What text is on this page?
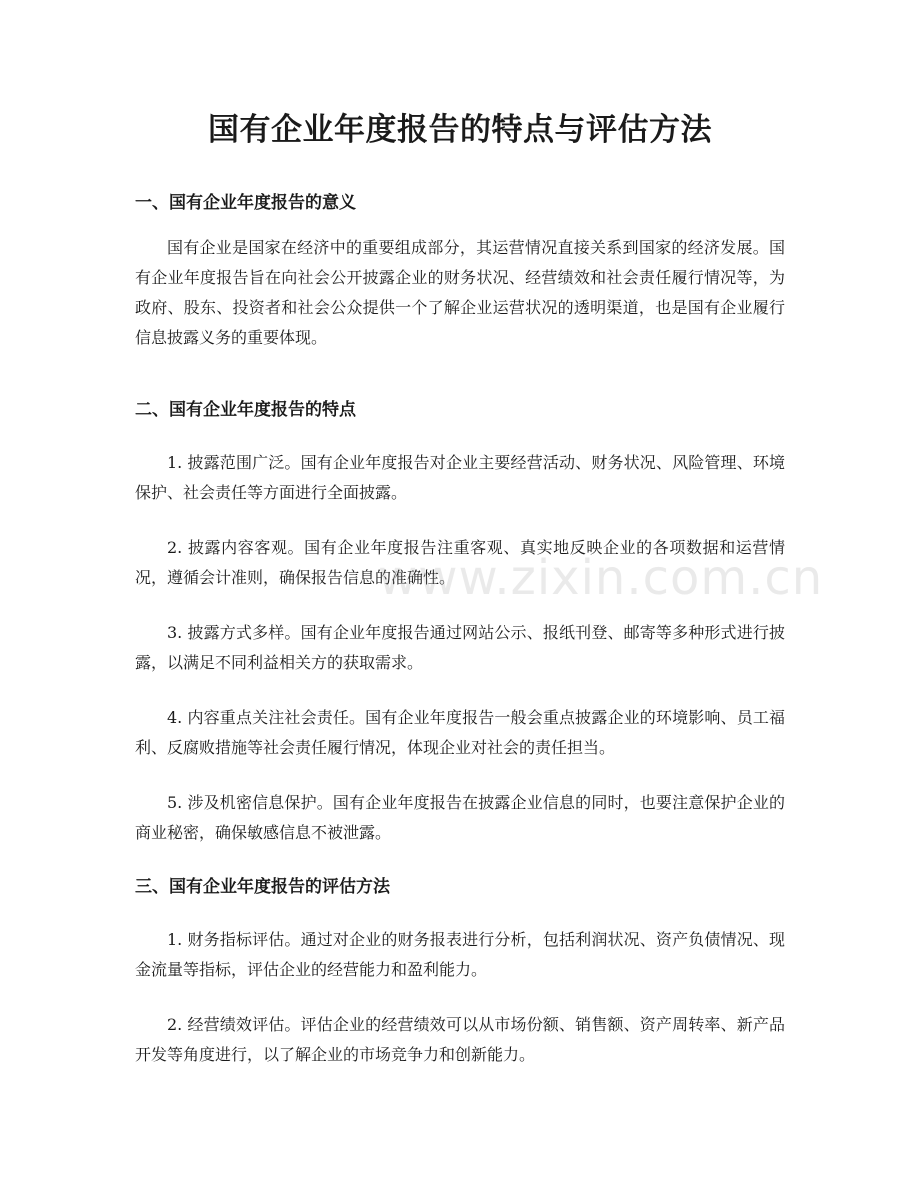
国有企业年度报告的特点与评估方法
一、国有企业年度报告的意义

国有企业是国家在经济中的重要组成部分，其运营情况直接关系到国家的经济发展。国有企业年度报告旨在向社会公开披露企业的财务状况、经营绩效和社会责任履行情况等，为政府、股东、投资者和社会公众提供一个了解企业运营状况的透明渠道，也是国有企业履行信息披露义务的重要体现。

二、国有企业年度报告的特点

1. 披露范围广泛。国有企业年度报告对企业主要经营活动、财务状况、风险管理、环境保护、社会责任等方面进行全面披露。

2. 披露内容客观。国有企业年度报告注重客观、真实地反映企业的各项数据和运营情况，遵循会计准则，确保报告信息的准确性。

3. 披露方式多样。国有企业年度报告通过网站公示、报纸刊登、邮寄等多种形式进行披露，以满足不同利益相关方的获取需求。

4. 内容重点关注社会责任。国有企业年度报告一般会重点披露企业的环境影响、员工福利、反腐败措施等社会责任履行情况，体现企业对社会的责任担当。

5. 涉及机密信息保护。国有企业年度报告在披露企业信息的同时，也要注意保护企业的商业秘密，确保敏感信息不被泄露。

三、国有企业年度报告的评估方法

1. 财务指标评估。通过对企业的财务报表进行分析，包括利润状况、资产负债情况、现金流量等指标，评估企业的经营能力和盈利能力。

2. 经营绩效评估。评估企业的经营绩效可以从市场份额、销售额、资产周转率、新产品开发等角度进行，以了解企业的市场竞争力和创新能力。

www.zixin.com.cn
